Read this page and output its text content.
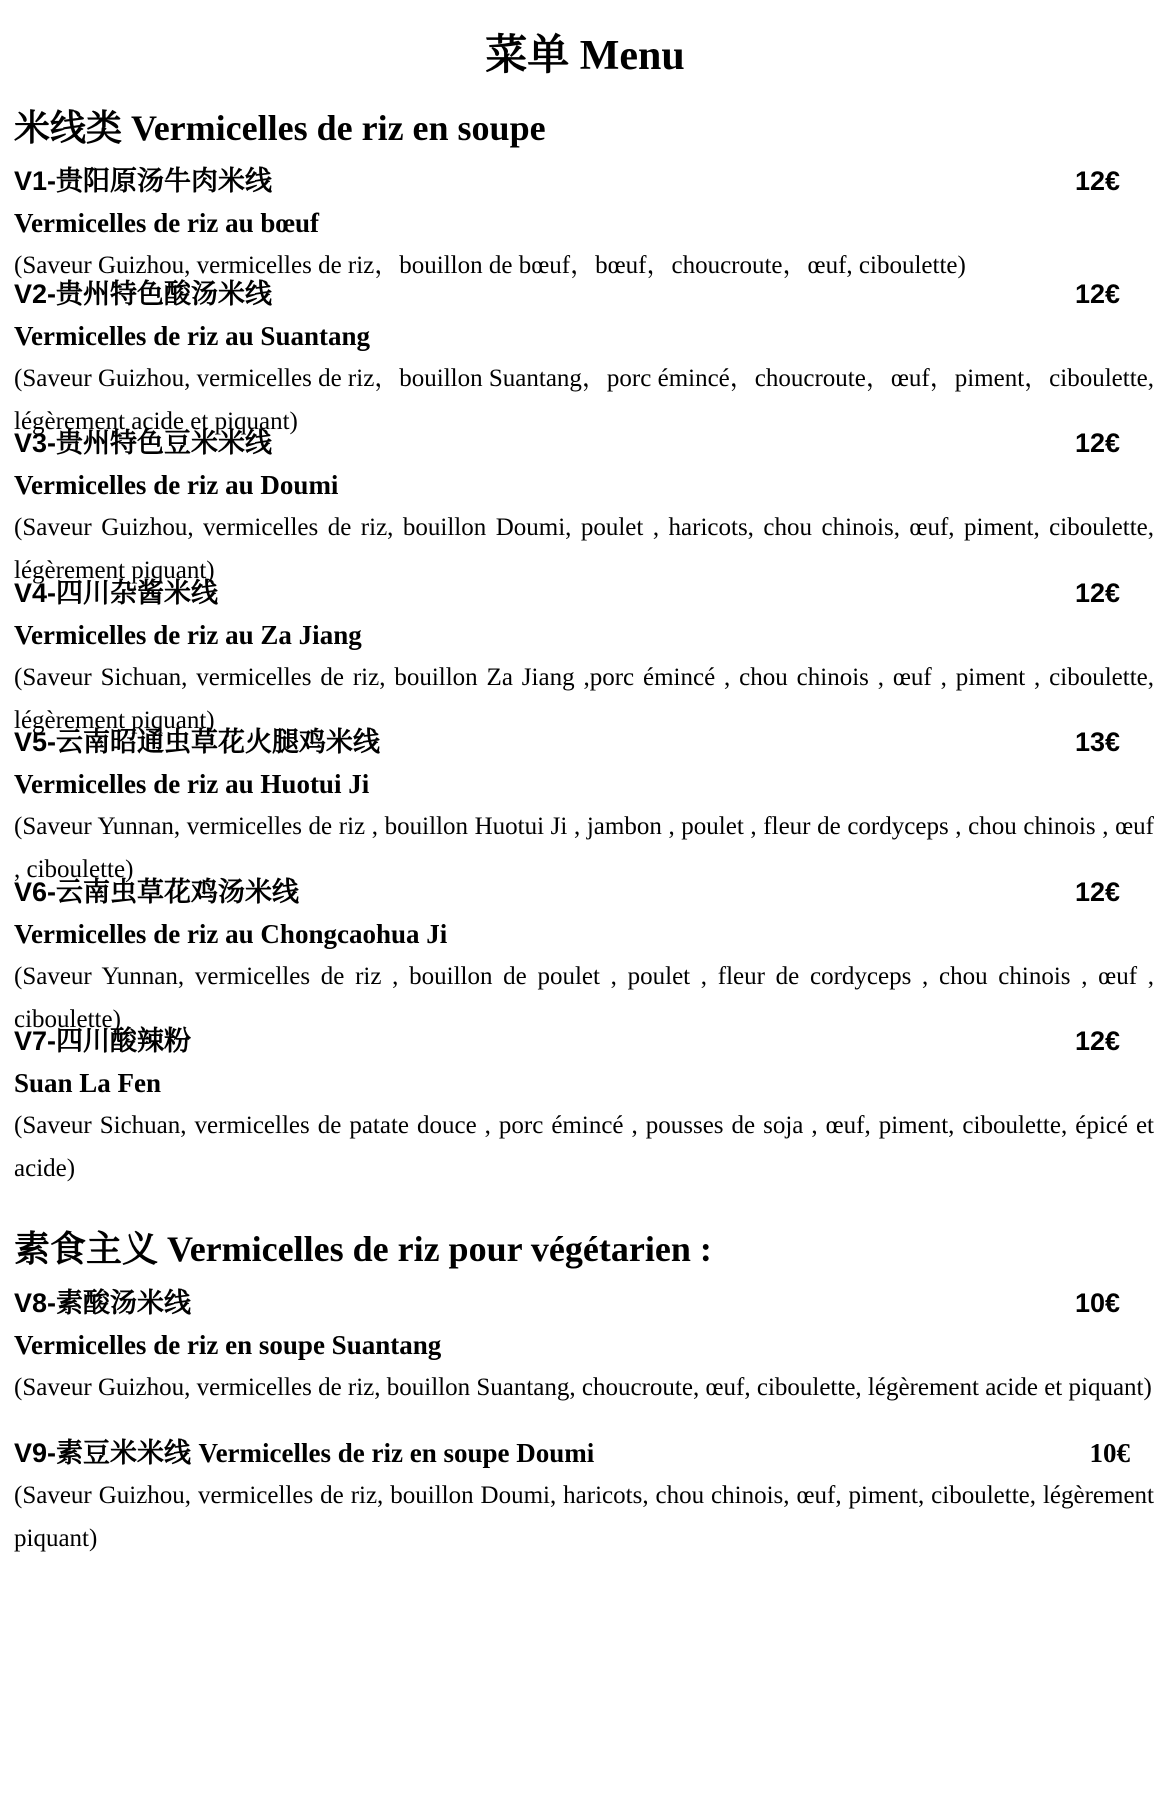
菜单 Menu
米线类 Vermicelles de riz en soupe
V1-贵阳原汤牛肉米线	12€
Vermicelles de riz au bœuf
(Saveur Guizhou, vermicelles de riz，bouillon de bœuf，bœuf，choucroute，œuf, ciboulette)
V2-贵州特色酸汤米线	12€
Vermicelles de riz au Suantang
(Saveur Guizhou, vermicelles de riz，bouillon Suantang，porc émincé，choucroute，œuf，piment，ciboulette, légèrement acide et piquant)
V3-贵州特色豆米米线	12€
Vermicelles de riz au Doumi
(Saveur Guizhou, vermicelles de riz, bouillon Doumi, poulet , haricots, chou chinois, œuf, piment, ciboulette, légèrement piquant)
V4-四川杂酱米线	12€
Vermicelles de riz au Za Jiang
(Saveur Sichuan, vermicelles de riz, bouillon Za Jiang ,porc émincé , chou chinois , œuf , piment , ciboulette, légèrement piquant)
V5-云南昭通虫草花火腿鸡米线	13€
Vermicelles de riz au Huotui Ji
(Saveur Yunnan, vermicelles de riz , bouillon Huotui Ji , jambon , poulet , fleur de cordyceps , chou chinois , œuf , ciboulette)
V6-云南虫草花鸡汤米线	12€
Vermicelles de riz au Chongcaohua Ji
(Saveur Yunnan, vermicelles de riz , bouillon de poulet , poulet , fleur de cordyceps , chou chinois , œuf , ciboulette)
V7-四川酸辣粉	12€
Suan La Fen
(Saveur Sichuan, vermicelles de patate douce , porc émincé , pousses de soja , œuf, piment, ciboulette, épicé et acide)
素食主义 Vermicelles de riz pour végétarien :
V8-素酸汤米线	10€
Vermicelles de riz en soupe Suantang
(Saveur Guizhou, vermicelles de riz, bouillon Suantang, choucroute, œuf, ciboulette, légèrement acide et piquant)
V9-素豆米米线 Vermicelles de riz en soupe Doumi	10€
(Saveur Guizhou, vermicelles de riz, bouillon Doumi, haricots, chou chinois, œuf, piment, ciboulette, légèrement piquant)
